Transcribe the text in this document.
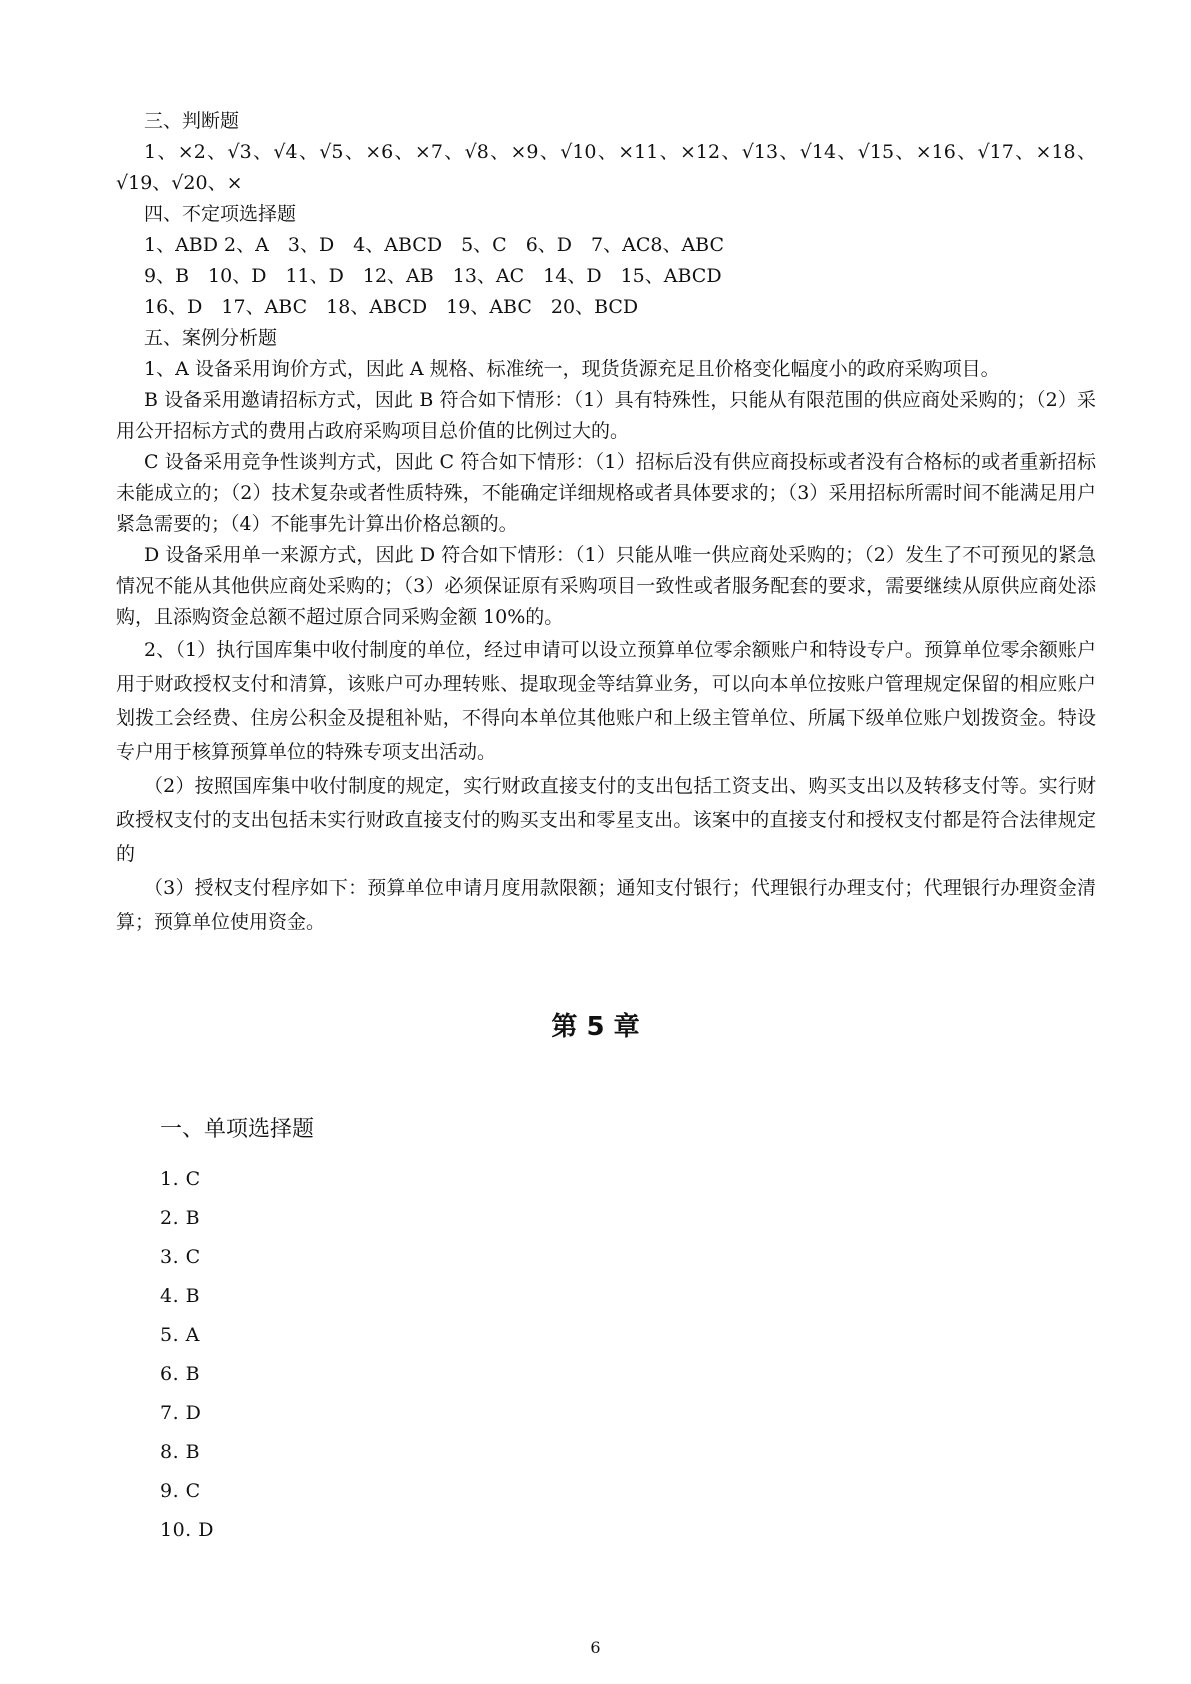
三、判断题

1、×2、√3、√4、√5、×6、×7、√8、×9、√10、×11、×12、√13、√14、√15、×16、√17、×18、√19、√20、×

四、不定项选择题

1、ABD 2、A　3、D　4、ABCD　5、C　6、D　7、AC8、ABC

9、B　10、D　11、D　12、AB　13、AC　14、D　15、ABCD

16、D　17、ABC　18、ABCD　19、ABC　20、BCD

五、案例分析题

1、A 设备采用询价方式，因此 A 规格、标准统一，现货货源充足且价格变化幅度小的政府采购项目。

B 设备采用邀请招标方式，因此 B 符合如下情形：（1）具有特殊性，只能从有限范围的供应商处采购的；（2）采用公开招标方式的费用占政府采购项目总价值的比例过大的。

C 设备采用竞争性谈判方式，因此 C 符合如下情形：（1）招标后没有供应商投标或者没有合格标的或者重新招标未能成立的；（2）技术复杂或者性质特殊，不能确定详细规格或者具体要求的；（3）采用招标所需时间不能满足用户紧急需要的；（4）不能事先计算出价格总额的。

D 设备采用单一来源方式，因此 D 符合如下情形：（1）只能从唯一供应商处采购的；（2）发生了不可预见的紧急情况不能从其他供应商处采购的；（3）必须保证原有采购项目一致性或者服务配套的要求，需要继续从原供应商处添购，且添购资金总额不超过原合同采购金额 10%的。

2、（1）执行国库集中收付制度的单位，经过申请可以设立预算单位零余额账户和特设专户。预算单位零余额账户用于财政授权支付和清算，该账户可办理转账、提取现金等结算业务，可以向本单位按账户管理规定保留的相应账户划拨工会经费、住房公积金及提租补贴，不得向本单位其他账户和上级主管单位、所属下级单位账户划拨资金。特设专户用于核算预算单位的特殊专项支出活动。

（2）按照国库集中收付制度的规定，实行财政直接支付的支出包括工资支出、购买支出以及转移支付等。实行财政授权支付的支出包括未实行财政直接支付的购买支出和零星支出。该案中的直接支付和授权支付都是符合法律规定的

（3）授权支付程序如下：预算单位申请月度用款限额；通知支付银行；代理银行办理支付；代理银行办理资金清算；预算单位使用资金。

第 5 章
一、单项选择题
1. C
2. B
3. C
4. B
5. A
6. B
7. D
8. B
9. C
10. D
6
